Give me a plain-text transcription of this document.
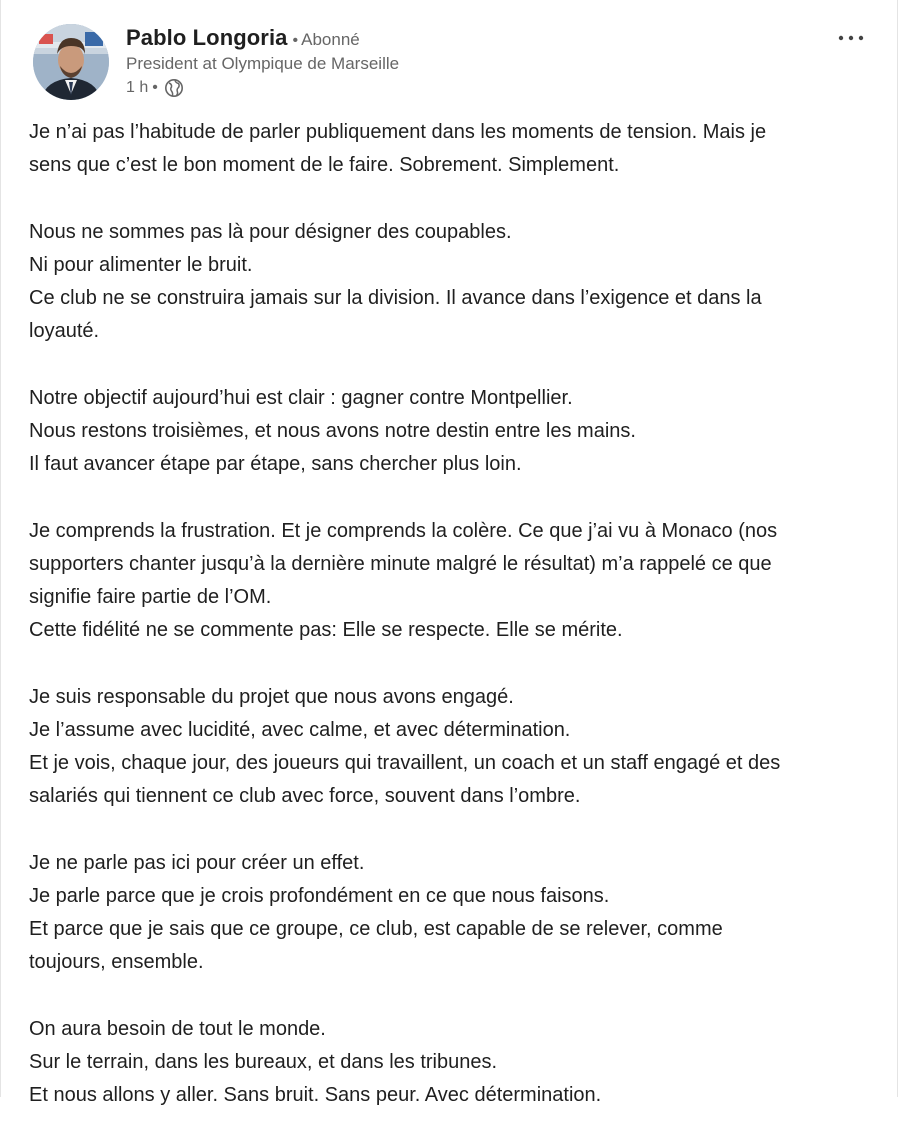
Pablo Longoria • Abonné
President at Olympique de Marseille
1 h •

Je n’ai pas l’habitude de parler publiquement dans les moments de tension. Mais je
sens que c’est le bon moment de le faire. Sobrement. Simplement.

Nous ne sommes pas là pour désigner des coupables.
Ni pour alimenter le bruit.
Ce club ne se construira jamais sur la division. Il avance dans l’exigence et dans la
loyauté.

Notre objectif aujourd’hui est clair : gagner contre Montpellier.
Nous restons troisièmes, et nous avons notre destin entre les mains.
Il faut avancer étape par étape, sans chercher plus loin.

Je comprends la frustration. Et je comprends la colère. Ce que j’ai vu à Monaco (nos
supporters chanter jusqu’à la dernière minute malgré le résultat) m’a rappelé ce que
signifie faire partie de l’OM.
Cette fidélité ne se commente pas: Elle se respecte. Elle se mérite.

Je suis responsable du projet que nous avons engagé.
Je l’assume avec lucidité, avec calme, et avec détermination.
Et je vois, chaque jour, des joueurs qui travaillent, un coach et un staff engagé et des
salariés qui tiennent ce club avec force, souvent dans l’ombre.

Je ne parle pas ici pour créer un effet.
Je parle parce que je crois profondément en ce que nous faisons.
Et parce que je sais que ce groupe, ce club, est capable de se relever, comme
toujours, ensemble.

On aura besoin de tout le monde.
Sur le terrain, dans les bureaux, et dans les tribunes.
Et nous allons y aller. Sans bruit. Sans peur. Avec détermination.
